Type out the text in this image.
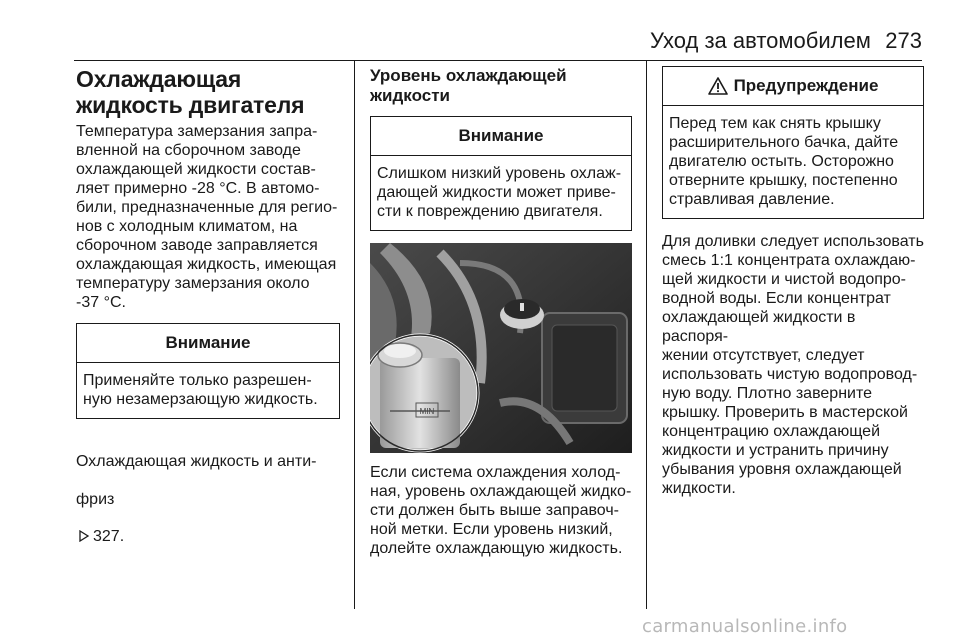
Уход за автомобилем 273
Охлаждающая жидкость двигателя

Температура замерзания запра-
вленной на сборочном заводе
охлаждающей жидкости состав-
ляет примерно -28 °C. В автомо-
били, предназначенные для регио-
нов с холодным климатом, на
сборочном заводе заправляется
охлаждающая жидкость, имеющая
температуру замерзания около
-37 °C.

Внимание
Применяйте только разрешен-
ную незамерзающую жидкость.

Охлаждающая жидкость и анти-

фриз

327.

Уровень охлаждающей жидкости
Внимание
Слишком низкий уровень охлаж-
дающей жидкости может приве-
сти к повреждению двигателя.
MIN

Если система охлаждения холод-
ная, уровень охлаждающей жидко-
сти должен быть выше заправоч-
ной метки. Если уровень низкий,
долейте охлаждающую жидкость.

Предупреждение
Перед тем как снять крышку
расширительного бачка, дайте
двигателю остыть. Осторожно
отверните крышку, постепенно
стравливая давление.

Для доливки следует использовать
смесь 1:1 концентрата охлаждаю-
щей жидкости и чистой водопро-
водной воды. Если концентрат
охлаждающей жидкости в распоря-
жении отсутствует, следует
использовать чистую водопровод-
ную воду. Плотно заверните
крышку. Проверить в мастерской
концентрацию охлаждающей
жидкости и устранить причину
убывания уровня охлаждающей
жидкости.

carmanualsonline.info
